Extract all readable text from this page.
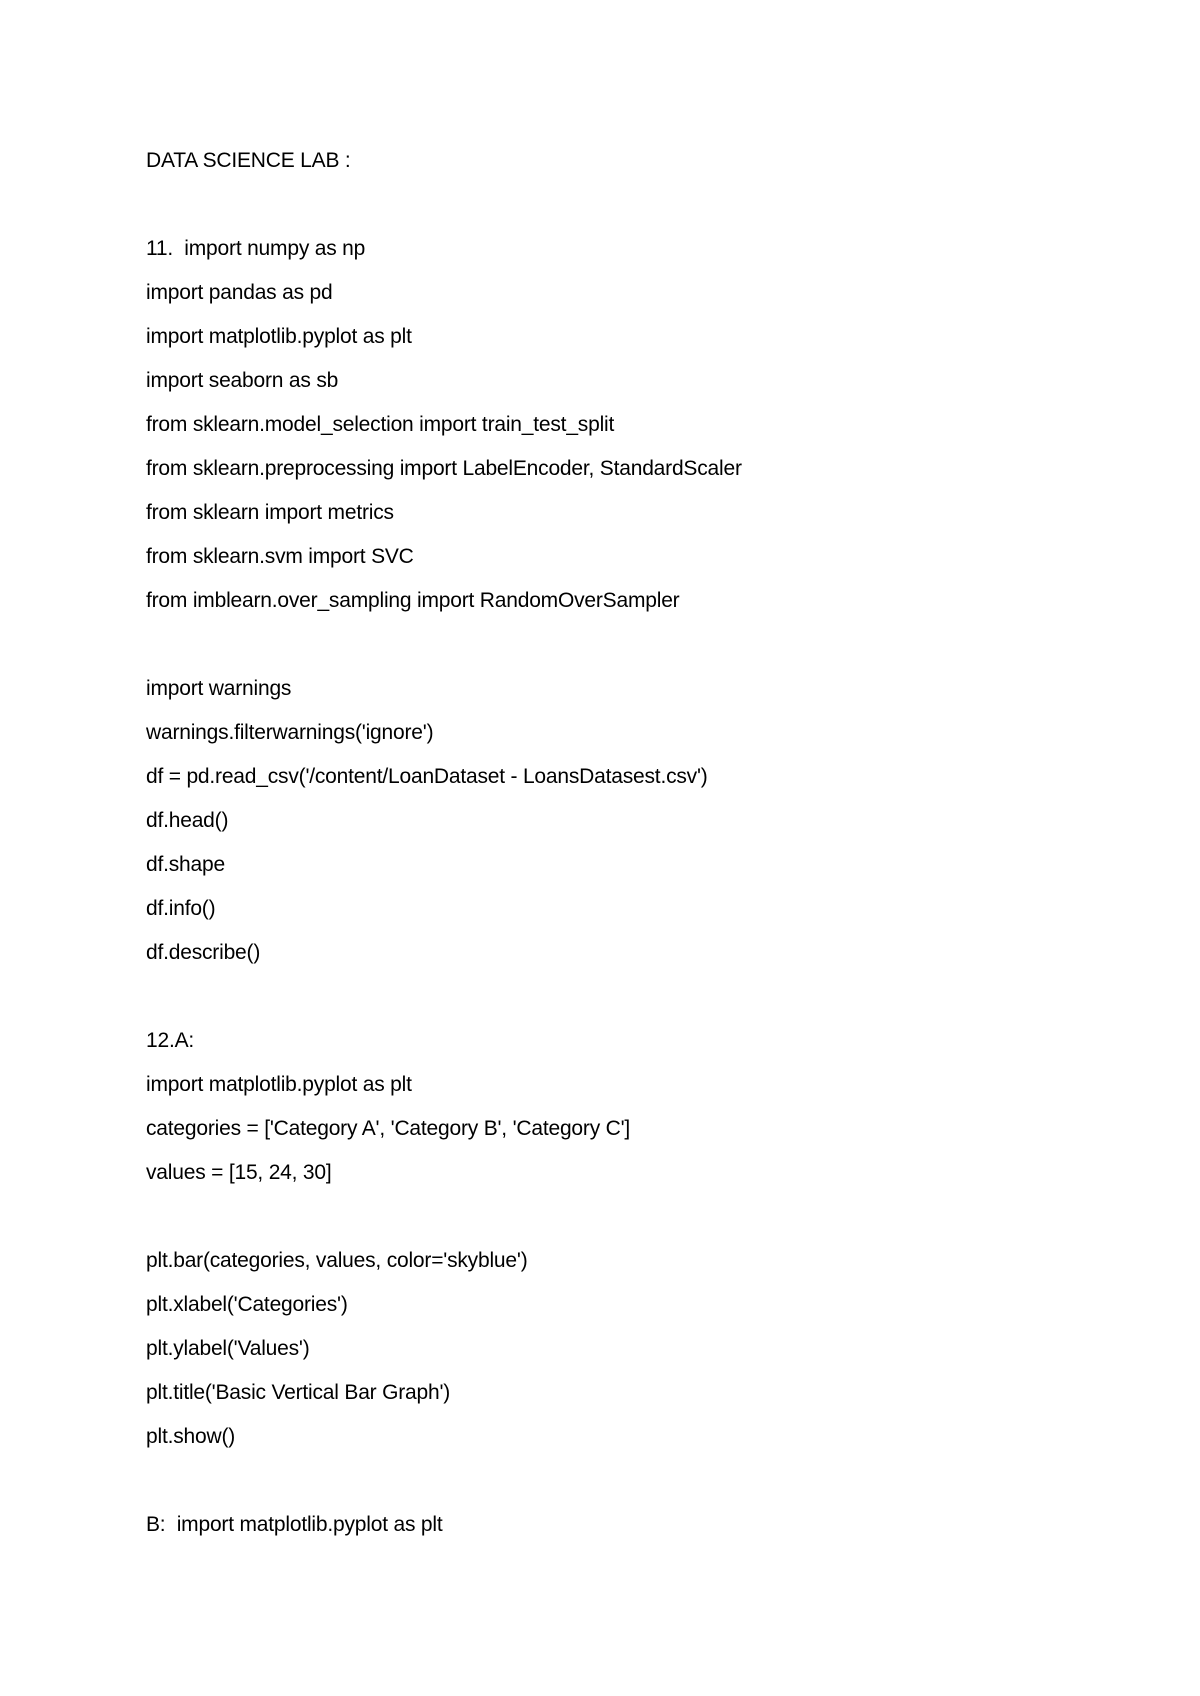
DATA SCIENCE LAB :
11.  import numpy as np
import pandas as pd
import matplotlib.pyplot as plt
import seaborn as sb
from sklearn.model_selection import train_test_split
from sklearn.preprocessing import LabelEncoder, StandardScaler
from sklearn import metrics
from sklearn.svm import SVC
from imblearn.over_sampling import RandomOverSampler
import warnings
warnings.filterwarnings('ignore')
df = pd.read_csv('/content/LoanDataset - LoansDatasest.csv')
df.head()
df.shape
df.info()
df.describe()
12.A:
import matplotlib.pyplot as plt
categories = ['Category A', 'Category B', 'Category C']
values = [15, 24, 30]
plt.bar(categories, values, color='skyblue')
plt.xlabel('Categories')
plt.ylabel('Values')
plt.title('Basic Vertical Bar Graph')
plt.show()
B:  import matplotlib.pyplot as plt
